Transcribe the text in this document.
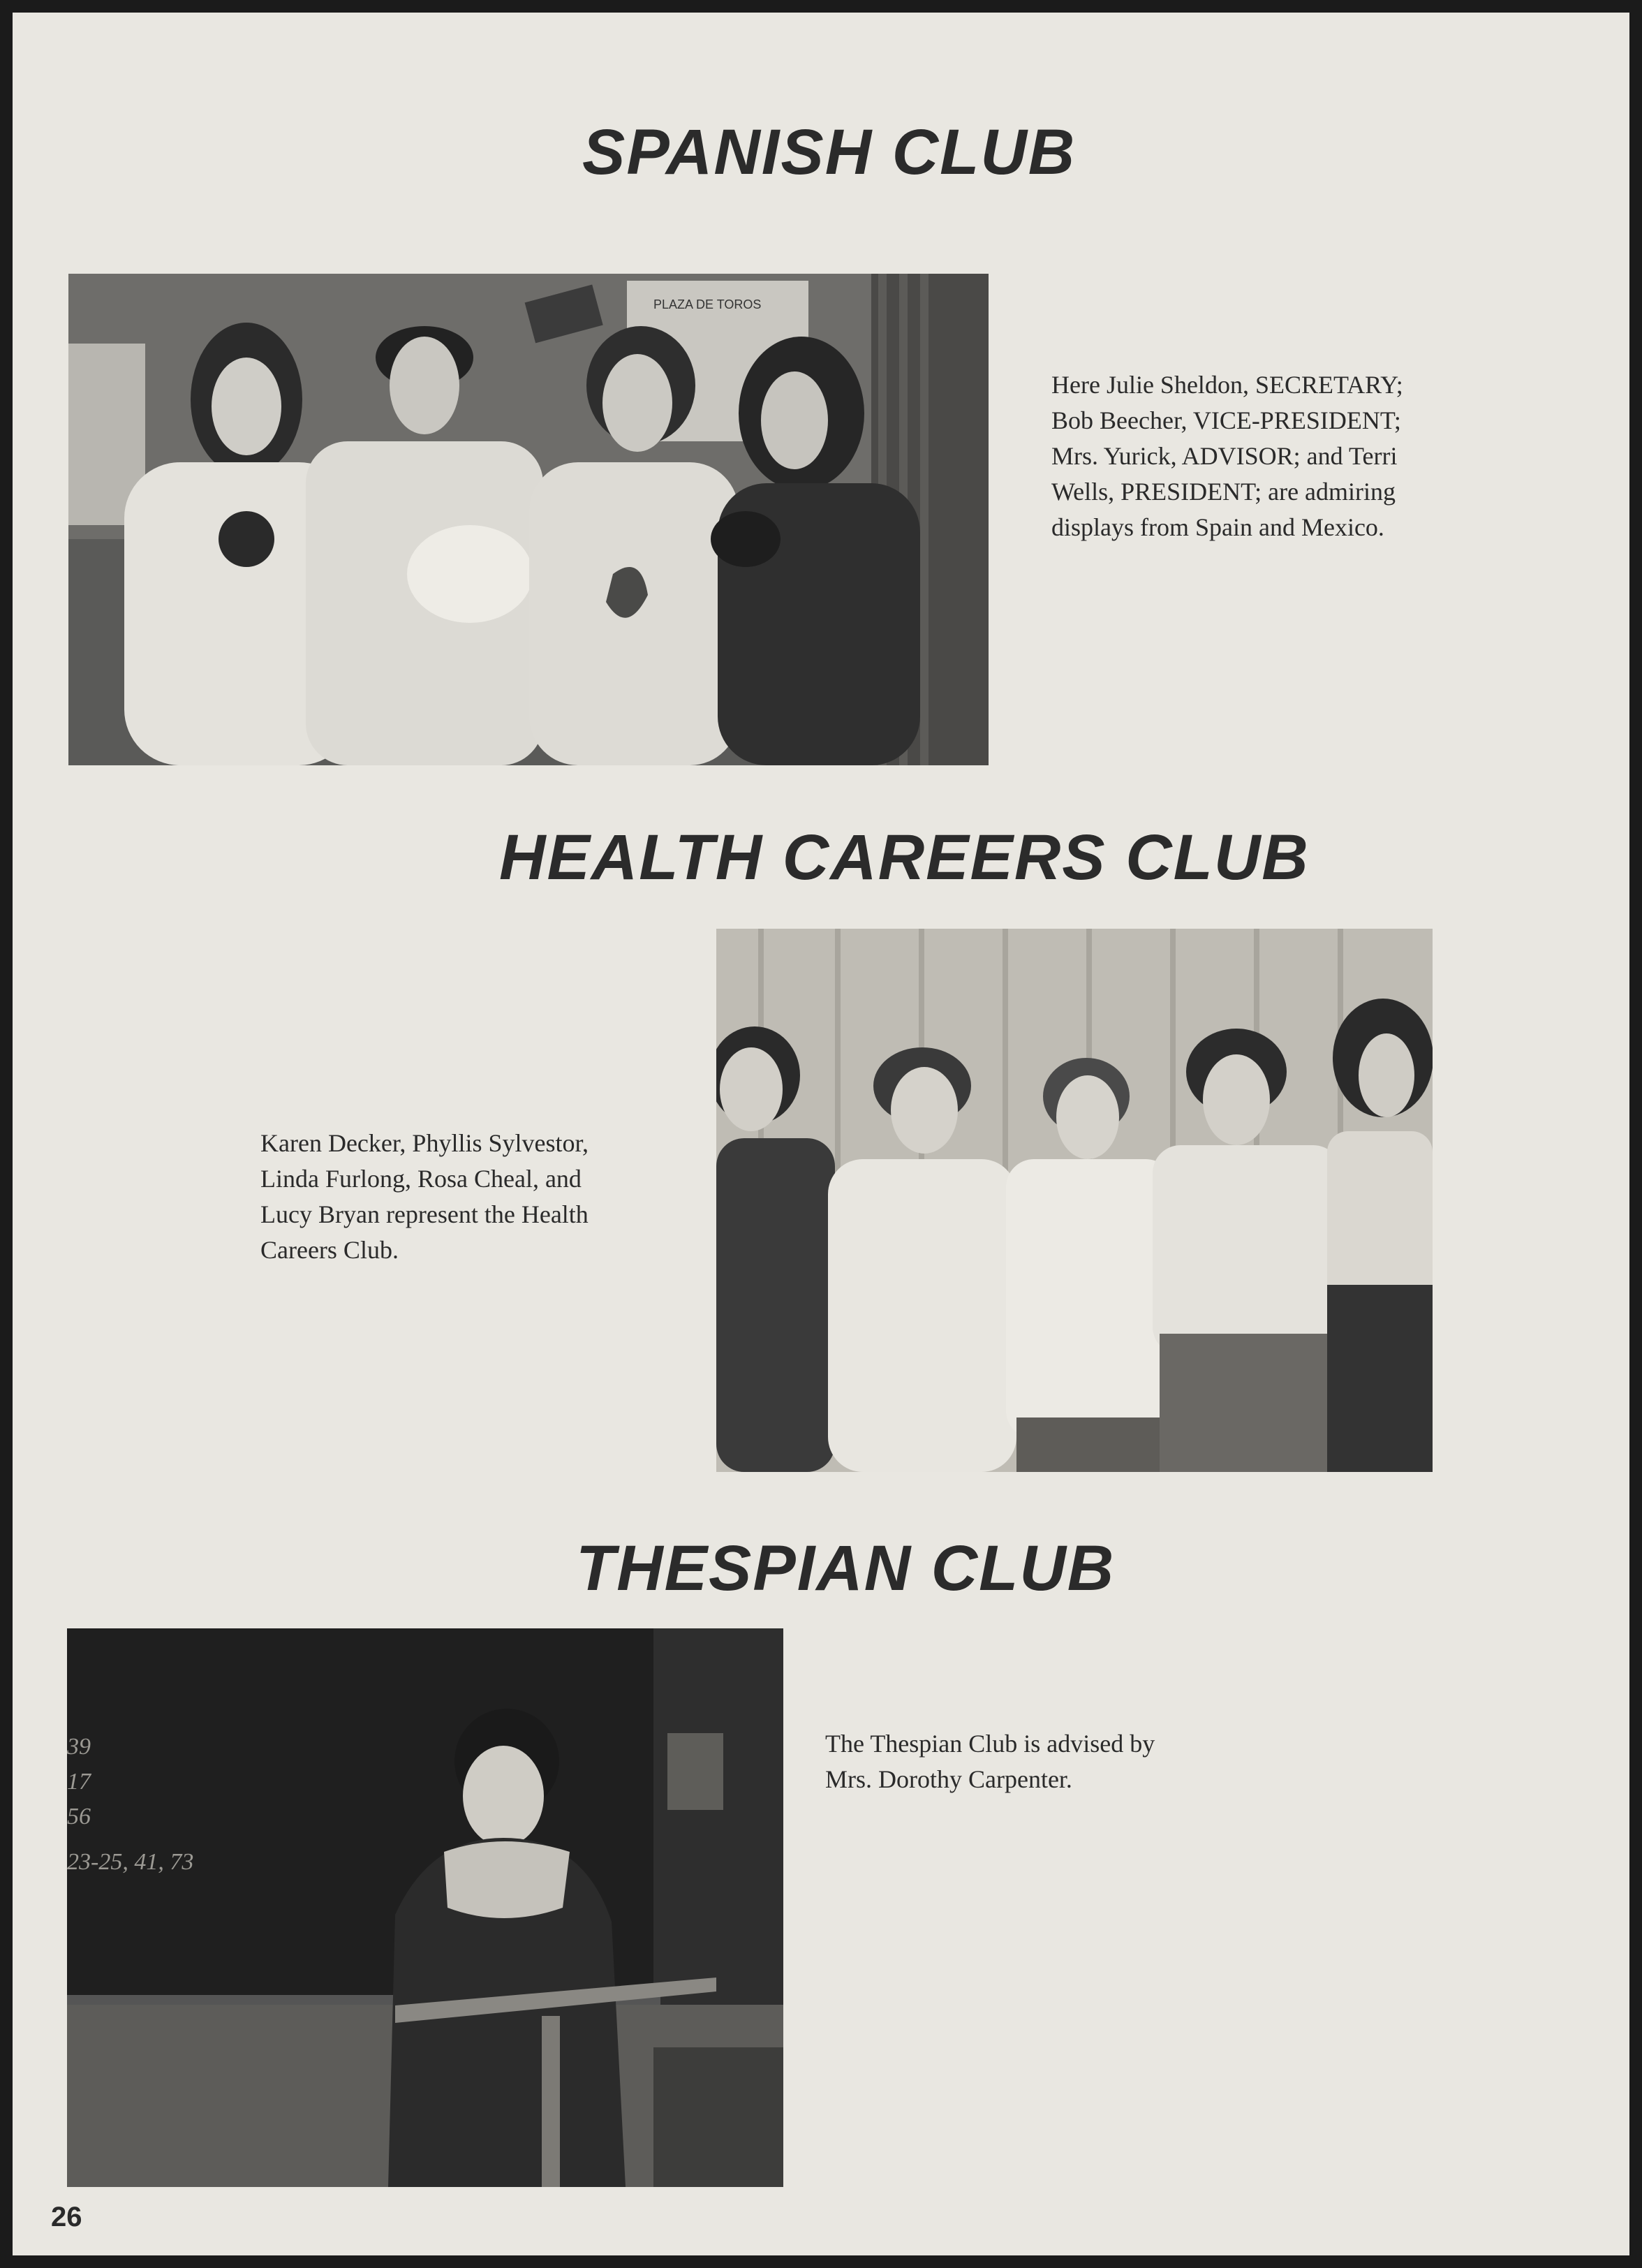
SPANISH CLUB
PLAZA DE TOROS
Here Julie Sheldon, SECRETARY;
Bob Beecher, VICE-PRESIDENT;
Mrs. Yurick, ADVISOR; and Terri
Wells, PRESIDENT; are admiring
displays from Spain and Mexico.
HEALTH CAREERS CLUB
Karen Decker, Phyllis Sylvestor,
Linda Furlong, Rosa Cheal, and
Lucy Bryan represent the Health
Careers Club.
THESPIAN CLUB
39
17
56
23-25, 41, 73
The Thespian Club is advised by
Mrs. Dorothy Carpenter.
26
